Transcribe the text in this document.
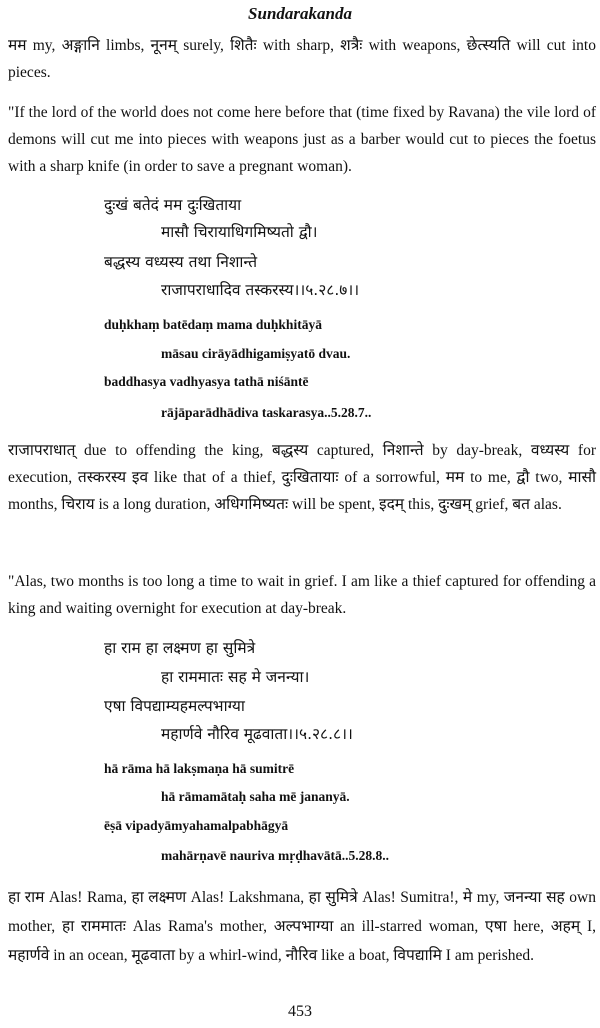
Sundarakanda
मम my, अङ्गानि limbs, नूनम् surely, शितैः with sharp, शत्रैः with weapons, छेत्स्यति will cut into pieces.
"If the lord of the world does not come here before that (time fixed by Ravana) the vile lord of demons will cut me into pieces with weapons just as a barber would cut to pieces the foetus with a sharp knife (in order to save a pregnant woman).
दुःखं बतेदं मम दुःखिताया
मासौ चिरायाधिगमिष्यतो द्वौ।
बद्धस्य वध्यस्य तथा निशान्ते
राजापराधादिव तस्करस्य।।५.२८.७।।
duḥkhaṃ batēdaṃ mama duḥkhitāyā
māsau cirāyādhigamiṣyatō dvau.
baddhasya vadhyasya tathā niśāntē
rājāparādhādiva taskarasya..5.28.7..
राजापराधात् due to offending the king, बद्धस्य captured, निशान्ते by day-break, वध्यस्य for execution, तस्करस्य इव like that of a thief, दुःखितायाः of a sorrowful, मम to me, द्वौ two, मासौ months, चिराय is a long duration, अधिगमिष्यतः will be spent, इदम् this, दुःखम् grief, बत alas.
"Alas, two months is too long a time to wait in grief. I am like a thief captured for offending a king and waiting overnight for execution at day-break.
हा राम हा लक्ष्मण हा सुमित्रे
हा राममातः सह मे जनन्या।
एषा विपद्याम्यहमल्पभाग्या
महार्णवे नौरिव मूढवाता।।५.२८.८।।
hā rāma hā lakṣmaṇa hā sumitrē
hā rāmamātaḥ saha mē jananyā.
ēṣā vipadyāmyahamalpabhāgyā
mahārṇavē nauriva mṛḍhavātā..5.28.8..
हा राम Alas! Rama, हा लक्ष्मण Alas! Lakshmana, हा सुमित्रे Alas! Sumitra!, मे my, जनन्या सह own mother, हा राममातः Alas Rama's mother, अल्पभाग्या an ill-starred woman, एषा here, अहम् I, महार्णवे in an ocean, मूढवाता by a whirl-wind, नौरिव like a boat, विपद्यामि I am perished.
453
